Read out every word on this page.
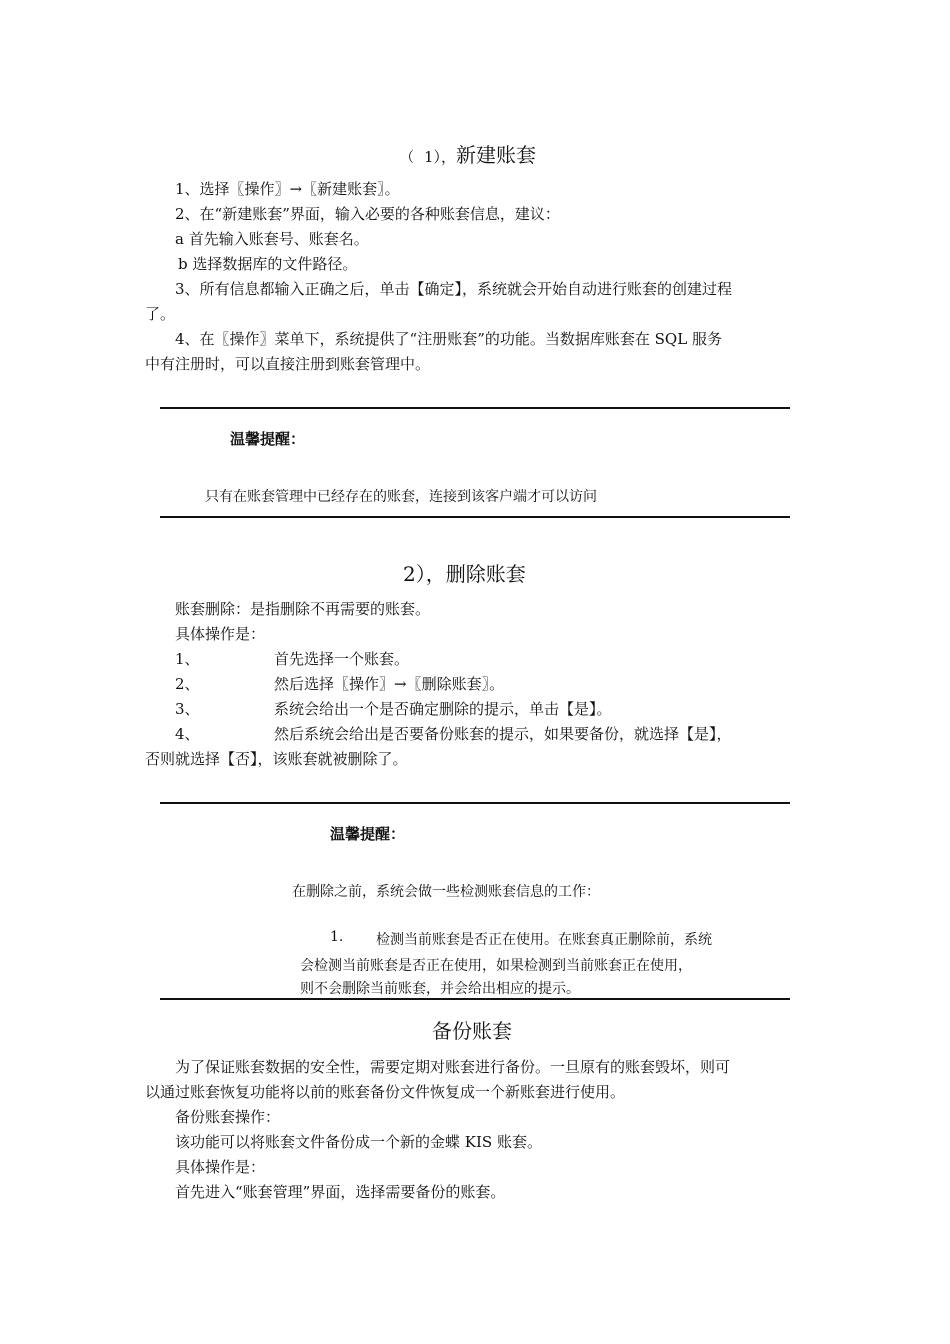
（ 1），新建账套
1、选择〖操作〗→〖新建账套〗。
2、在“新建账套”界面，输入必要的各种账套信息，建议：
a 首先输入账套号、账套名。
b 选择数据库的文件路径。
3、所有信息都输入正确之后，单击【确定】，系统就会开始自动进行账套的创建过程
了。
4、在〖操作〗菜单下，系统提供了“注册账套”的功能。当数据库账套在 SQL 服务
中有注册时，可以直接注册到账套管理中。
温馨提醒：
只有在账套管理中已经存在的账套，连接到该客户端才可以访问
2），删除账套
账套删除：是指删除不再需要的账套。
具体操作是：
1、	首先选择一个账套。
2、	然后选择〖操作〗→〖删除账套〗。
3、	系统会给出一个是否确定删除的提示，单击【是】。
4、	然后系统会给出是否要备份账套的提示，如果要备份，就选择【是】，
否则就选择【否】，该账套就被删除了。
温馨提醒：
在删除之前，系统会做一些检测账套信息的工作：
1. 检测当前账套是否正在使用。在账套真正删除前，系统
会检测当前账套是否正在使用，如果检测到当前账套正在使用，
则不会删除当前账套，并会给出相应的提示。
备份账套
为了保证账套数据的安全性，需要定期对账套进行备份。一旦原有的账套毁坏，则可
以通过账套恢复功能将以前的账套备份文件恢复成一个新账套进行使用。
备份账套操作：
该功能可以将账套文件备份成一个新的金蝶 KIS 账套。
具体操作是：
首先进入“账套管理”界面，选择需要备份的账套。
